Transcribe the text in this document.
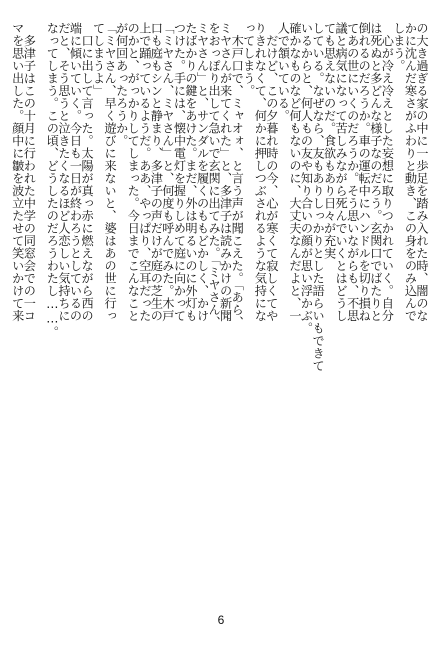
の大き過ぎる家の中に一歩足を踏み入れた時、闇のな
かに沈んだ寒さがふわりと動き、この身をのみ込んで
しまう。
　心が冷え冷えとした妄想に取りつかれていく。自分
は死ぬと多どんな様子なのだろう。玄関口でばたりと
倒れるのだろうか。車の運転中にハンドルを切り損ね
てあの世にいくのだろうか。そう思いながらも、不思
議と病気になって苦しみながら死んでいくとはどうし
ても思えないのだ。食欲もあり日々が充実
している。なぜなら、友もありしっかりとした語らいもできて
いるからと、何人もの友や知り合いの顔が思い浮かぶ。
確かなものなど何もないのに、大丈夫なんだよと、一
人で頷いている。
　だけど、この夕暮れ時の今、心が寒くて寂しくてや
りきれなくて、何かに押しつぶされるような気持にな
ってしまう。
　木戸口で、ミャオォ、と言う声が聞こえた。「あら、
ミヤさんが来てくれた」と、多津子は読みかけの新聞
をおっぽり出して急いで玄関に出てみた。「ミヤさん、
ミヤさん」と、サンダルを履くのももどかしく、かけ
たばかりの鍵をあけた。まだ、外は明るいのに外灯も
つけた。手には、懐中電灯を握りしめて庭に向かって
「ミヤさん、ミヤさん」と、何度も呼んでみた。木戸
口も庭もシンと静まり、多津子の声だけが庭の芝生の
上で踊っているようだ。ああ、やっぱり、空耳だった
のかと、がっかりしてしまった。今日までこんなこと
が何回あったろうか。
「ミヤさん、早く遊びに来ないと、婆はあの世に行っ
てしまうよ」
　口に出して言った。太陽が真っ赤に燃えながら西の
端に傾いていく。今日も一日が終わろうとしているの
だと、そう思うと泣きたくなるほど人恋しい気持ちに
なってしまう。この頃、どうしたのだろうわたし……。
　多津子はこの十月に行われた中学の同窓会での一コ
マを思い出した。顔中に皺を波立たせて笑いかけて来
6
